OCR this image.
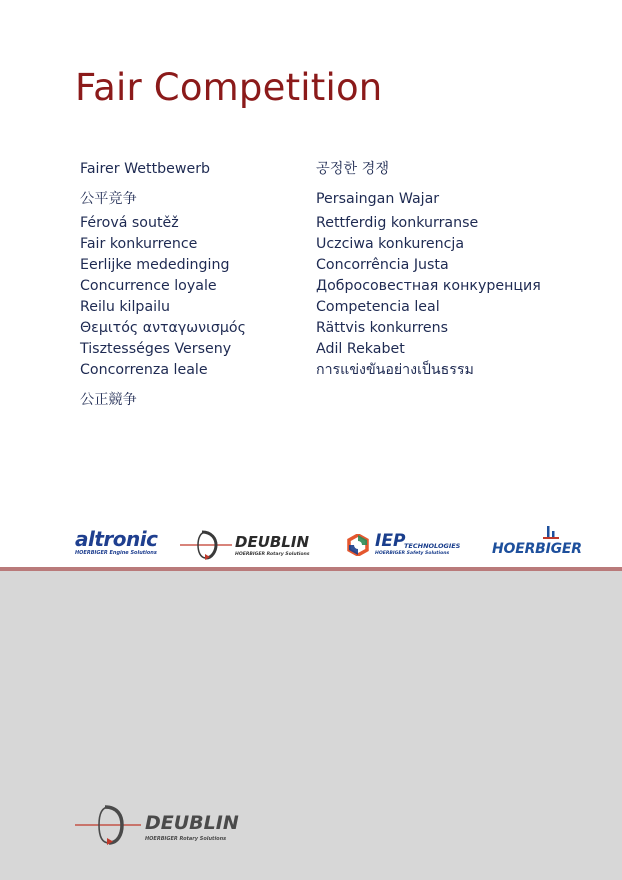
Fair Competition
Fairer Wettbewerb
公平竞争
Férová soutěž
Fair konkurrence
Eerlijke mededinging
Concurrence loyale
Reilu kilpailu
Θεμιτός ανταγωνισμός
Tisztességes Verseny
Concorrenza leale
公正競争
공정한 경쟁
Persaingan Wajar
Rettferdig konkurranse
Uczciwa konkurencja
Concorrência Justa
Добросовестная конкуренция
Competencia leal
Rättvis konkurrens
Adil Rekabet
การแข่งขันอย่างเป็นธรรม
altronic
HOERBIGER Engine Solutions
DEUBLIN
HOERBIGER Rotary Solutions
IEP
TECHNOLOGIES
HOERBIGER Safety Solutions	HOERBIGER
DEUBLIN
HOERBIGER Rotary Solutions
